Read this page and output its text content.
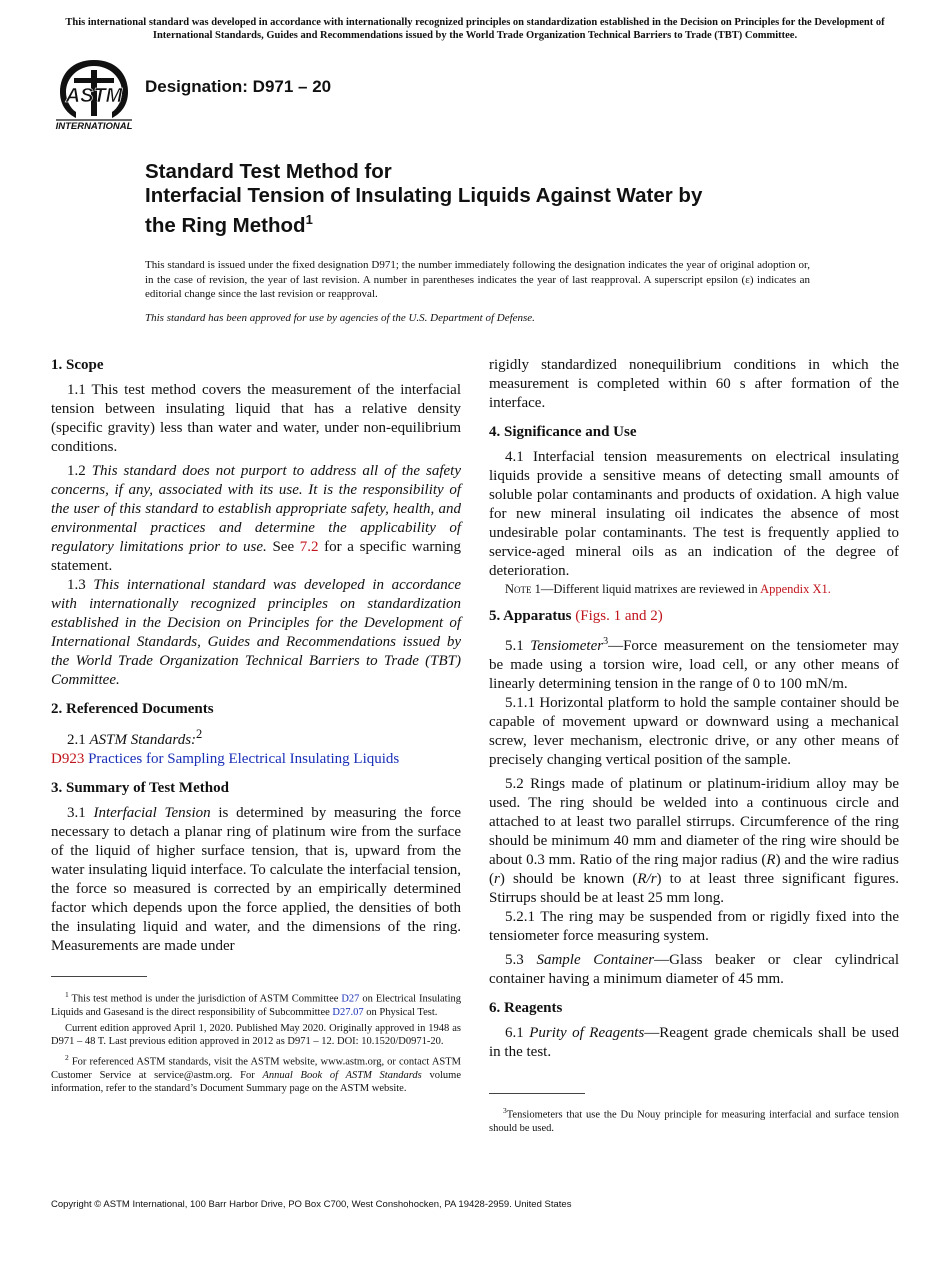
This international standard was developed in accordance with internationally recognized principles on standardization established in the Decision on Principles for the Development of International Standards, Guides and Recommendations issued by the World Trade Organization Technical Barriers to Trade (TBT) Committee.
ASTM
INTERNATIONAL
Designation: D971 – 20
Standard Test Method for
Interfacial Tension of Insulating Liquids Against Water by
the Ring Method$^1$
This standard is issued under the fixed designation D971; the number immediately following the designation indicates the year of original adoption or, in the case of revision, the year of last revision. A number in parentheses indicates the year of last reapproval. A superscript epsilon (ε) indicates an editorial change since the last revision or reapproval.
This standard has been approved for use by agencies of the U.S. Department of Defense.
1. Scope

1.1 This test method covers the measurement of the interfacial tension between insulating liquid that has a relative density (specific gravity) less than water and water, under non-equilibrium conditions.

1.2 This standard does not purport to address all of the safety concerns, if any, associated with its use. It is the responsibility of the user of this standard to establish appropriate safety, health, and environmental practices and determine the applicability of regulatory limitations prior to use. See 7.2 for a specific warning statement.

1.3 This international standard was developed in accordance with internationally recognized principles on standardization established in the Decision on Principles for the Development of International Standards, Guides and Recommendations issued by the World Trade Organization Technical Barriers to Trade (TBT) Committee.

2. Referenced Documents

2.1 ASTM Standards:$^2$

D923 Practices for Sampling Electrical Insulating Liquids

3. Summary of Test Method

3.1 Interfacial Tension is determined by measuring the force necessary to detach a planar ring of platinum wire from the surface of the liquid of higher surface tension, that is, upward from the water insulating liquid interface. To calculate the interfacial tension, the force so measured is corrected by an empirically determined factor which depends upon the force applied, the densities of both the insulating liquid and water, and the dimensions of the ring. Measurements are made under

rigidly standardized nonequilibrium conditions in which the measurement is completed within 60 s after formation of the interface.

4. Significance and Use

4.1 Interfacial tension measurements on electrical insulating liquids provide a sensitive means of detecting small amounts of soluble polar contaminants and products of oxidation. A high value for new mineral insulating oil indicates the absence of most undesirable polar contaminants. The test is frequently applied to service-aged mineral oils as an indication of the degree of deterioration.

Note 1—Different liquid matrixes are reviewed in Appendix X1.

5. Apparatus (Figs. 1 and 2)

5.1 Tensiometer$^3$—Force measurement on the tensiometer may be made using a torsion wire, load cell, or any other means of linearly determining tension in the range of 0 to 100 mN/m.

5.1.1 Horizontal platform to hold the sample container should be capable of movement upward or downward using a mechanical screw, lever mechanism, electronic drive, or any other means of precisely changing vertical position of the sample.

5.2 Rings made of platinum or platinum-iridium alloy may be used. The ring should be welded into a continuous circle and attached to at least two parallel stirrups. Circumference of the ring should be minimum 40 mm and diameter of the ring wire should be about 0.3 mm. Ratio of the ring major radius (R) and the wire radius (r) should be known (R/r) to at least three significant figures. Stirrups should be at least 25 mm long.

5.2.1 The ring may be suspended from or rigidly fixed into the tensiometer force measuring system.

5.3 Sample Container—Glass beaker or clear cylindrical container having a minimum diameter of 45 mm.

6. Reagents

6.1 Purity of Reagents—Reagent grade chemicals shall be used in the test.

$^1$ This test method is under the jurisdiction of ASTM Committee D27 on Electrical Insulating Liquids and Gasesand is the direct responsibility of Subcommittee D27.07 on Physical Test.

Current edition approved April 1, 2020. Published May 2020. Originally approved in 1948 as D971 – 48 T. Last previous edition approved in 2012 as D971 – 12. DOI: 10.1520/D0971-20.

$^2$ For referenced ASTM standards, visit the ASTM website, www.astm.org, or contact ASTM Customer Service at service@astm.org. For Annual Book of ASTM Standards volume information, refer to the standard’s Document Summary page on the ASTM website.

$^3$Tensiometers that use the Du Nouy principle for measuring interfacial and surface tension should be used.

Copyright © ASTM International, 100 Barr Harbor Drive, PO Box C700, West Conshohocken, PA 19428-2959. United States
